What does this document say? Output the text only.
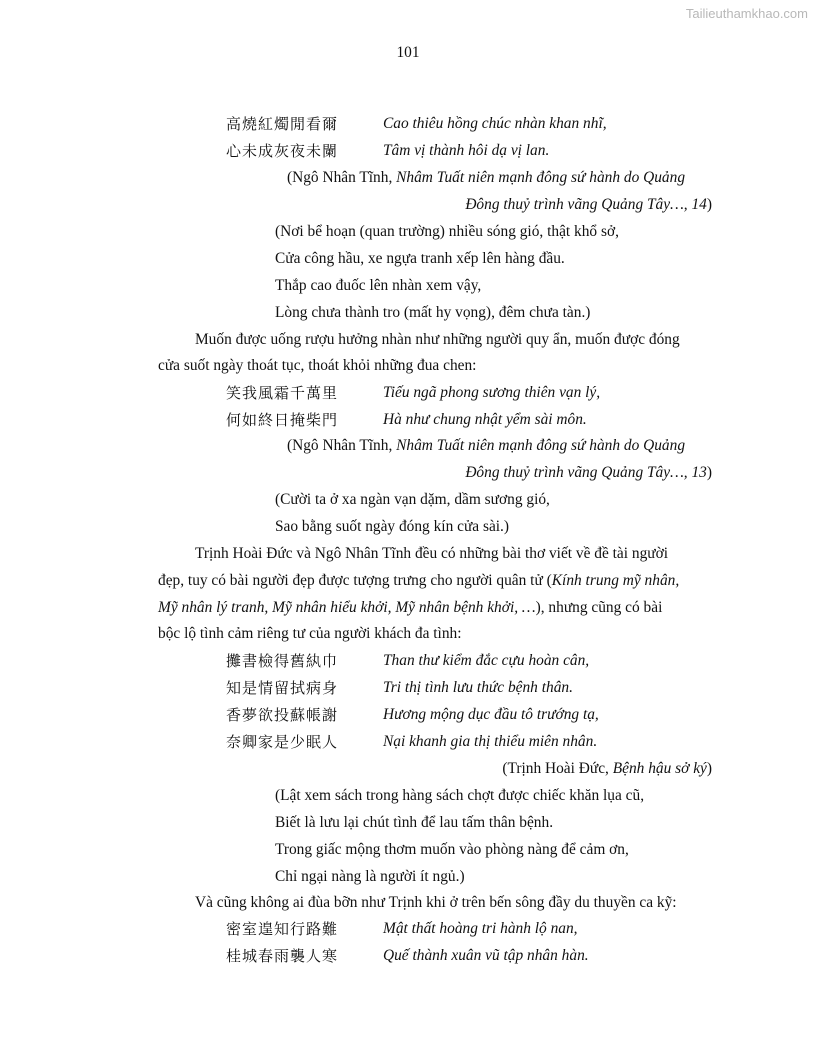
Tailieuthamkhao.com
101
高燒紅燭閒看爾	Cao thiêu hồng chúc nhàn khan nhĩ,
心未成灰夜未闌	Tâm vị thành hôi dạ vị lan.
(Ngô Nhân Tĩnh, Nhâm Tuất niên mạnh đông sứ hành do Quảng
Đông thuỷ trình vãng Quảng Tây…, 14)
(Nơi bể hoạn (quan trường) nhiều sóng gió, thật khổ sở,
Cửa công hầu, xe ngựa tranh xếp lên hàng đầu.
Thắp cao đuốc lên nhàn xem vậy,
Lòng chưa thành tro (mất hy vọng), đêm chưa tàn.)
Muốn được uống rượu hưởng nhàn như những người quy ẩn, muốn được đóng
cửa suốt ngày thoát tục, thoát khỏi những đua chen:
笑我風霜千萬里	Tiếu ngã phong sương thiên vạn lý,
何如終日掩柴門	Hà như chung nhật yểm sài môn.
(Ngô Nhân Tĩnh, Nhâm Tuất niên mạnh đông sứ hành do Quảng
Đông thuỷ trình vãng Quảng Tây…, 13)
(Cười ta ở xa ngàn vạn dặm, dầm sương gió,
Sao bằng suốt ngày đóng kín cửa sài.)
Trịnh Hoài Đức và Ngô Nhân Tĩnh đều có những bài thơ viết về đề tài người
đẹp, tuy có bài người đẹp được tượng trưng cho người quân tử (Kính trung mỹ nhân,
Mỹ nhân lý tranh, Mỹ nhân hiểu khởi, Mỹ nhân bệnh khởi, …), nhưng cũng có bài
bộc lộ tình cảm riêng tư của người khách đa tình:
攤書檢得舊紈巾	Than thư kiểm đắc cựu hoàn cân,
知是情留拭病身	Tri thị tình lưu thức bệnh thân.
香夢欲投蘇帳謝	Hương mộng dục đầu tô trướng tạ,
奈卿家是少眠人	Nại khanh gia thị thiểu miên nhân.
(Trịnh Hoài Đức, Bệnh hậu sở ký)
(Lật xem sách trong hàng sách chợt được chiếc khăn lụa cũ,
Biết là lưu lại chút tình để lau tấm thân bệnh.
Trong giấc mộng thơm muốn vào phòng nàng để cảm ơn,
Chỉ ngại nàng là người ít ngủ.)
Và cũng không ai đùa bỡn như Trịnh khi ở trên bến sông đầy du thuyền ca kỹ:
密室遑知行路難	Mật thất hoàng tri hành lộ nan,
桂城春雨襲人寒	Quế thành xuân vũ tập nhân hàn.
